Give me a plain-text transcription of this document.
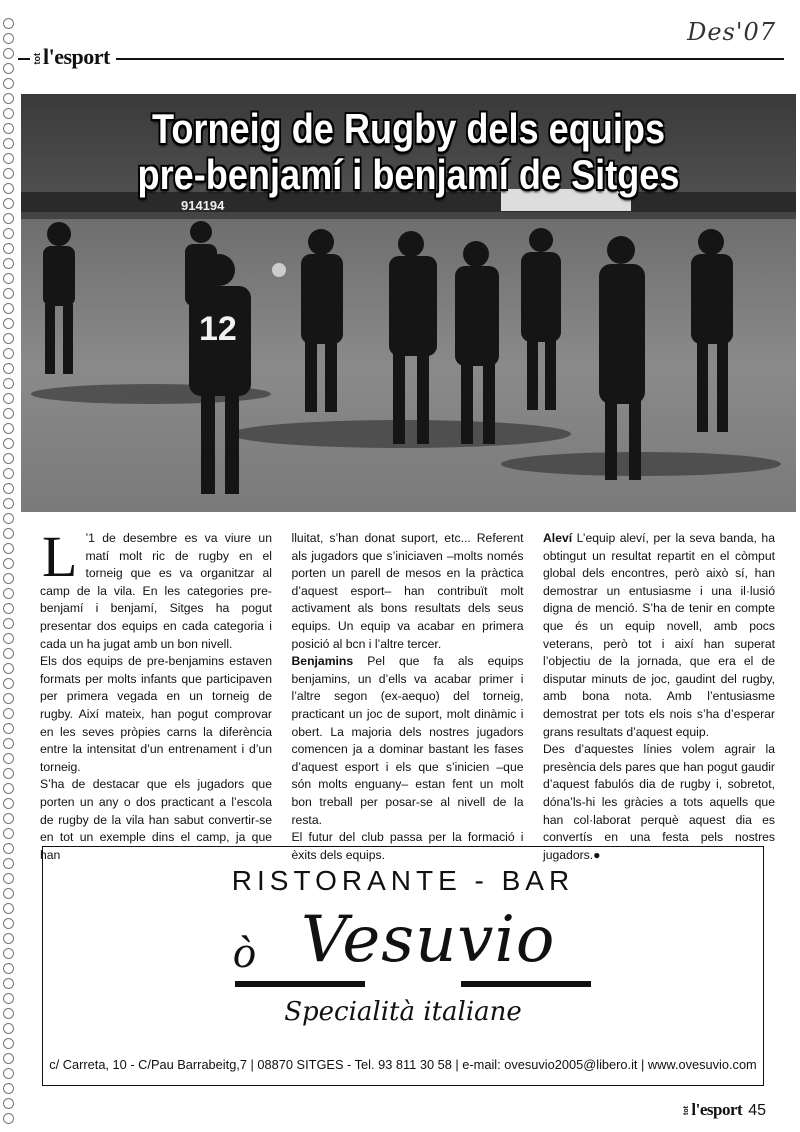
Des'07
tot l'esport
914194
12
Torneig de Rugby dels equips
pre-benjamí i benjamí de Sitges

L ’1 de desembre es va viure un matí molt ric de rugby en el torneig que es va organitzar al camp de la vila. En les categories pre-benjamí i benjamí, Sitges ha pogut presentar dos equips en cada categoria i cada un ha jugat amb un bon nivell.

Els dos equips de pre-benjamins estaven formats per molts infants que participaven per primera vegada en un torneig de rugby. Així mateix, han pogut comprovar en les seves pròpies carns la diferència entre la intensitat d’un entrenament i d’un torneig.

S’ha de destacar que els jugadors que porten un any o dos practicant a l’escola de rugby de la vila han sabut convertir-se en tot un exemple dins el camp, ja que han

lluitat, s’han donat suport, etc... Referent als jugadors que s’iniciaven –molts només porten un parell de mesos en la pràctica d’aquest esport– han contribuït molt activament als bons resultats dels seus equips. Un equip va acabar en primera posició al bcn i l’altre tercer.

Benjamins Pel que fa als equips benjamins, un d’ells va acabar primer i l’altre segon (ex-aequo) del torneig, practicant un joc de suport, molt dinàmic i obert. La majoria dels nostres jugadors comencen ja a dominar bastant les fases d’aquest esport i els que s’inicien –que són molts enguany– estan fent un molt bon treball per posar-se al nivell de la resta.

El futur del club passa per la formació i èxits dels equips.

Aleví L’equip aleví, per la seva banda, ha obtingut un resultat repartit en el còmput global dels encontres, però això sí, han demostrar un entusiasme i una il·lusió digna de menció. S’ha de tenir en compte que és un equip novell, amb pocs veterans, però tot i així han superat l’objectiu de la jornada, que era el de disputar minuts de joc, gaudint del rugby, amb bona nota. Amb l’entusiasme demostrat per tots els nois s’ha d’esperar grans resultats d’aquest equip.

Des d’aquestes línies volem agrair la presència dels pares que han pogut gaudir d’aquest fabulós dia de rugby i, sobretot, dóna’ls-hi les gràcies a tots aquells que han col·laborat perquè aquest dia es convertís en una festa pels nostres jugadors.●

RISTORANTE - BAR
ò Vesuvio
Specialità italiane
c/ Carreta, 10 - C/Pau Barrabeitg,7 | 08870 SITGES - Tel. 93 811 30 58 | e-mail: ovesuvio2005@libero.it | www.ovesuvio.com
tot l'esport 45
